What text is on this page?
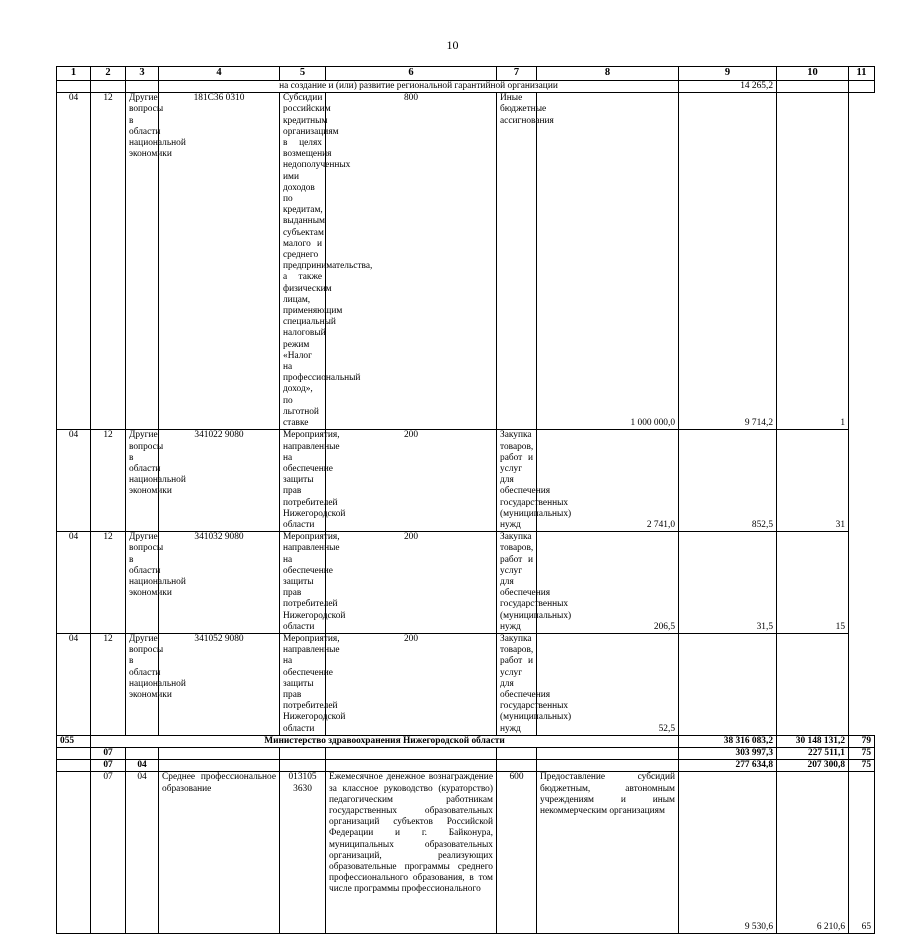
10
1	2	3	4	5	6	7	8	9	10	11
			на создание и (или) развитие региональной гарантийной организации					14 265,2		
04	12	Другие вопросы в области национальной экономики	181С36 0310	Субсидии российским кредитным организациям в целях возмещения недополученных ими доходов по кредитам, выданным субъектам малого и среднего предпринимательства, а также физическим лицам, применяющим специальный налоговый режим «Налог на профессиональный доход», по льготной ставке	800	Иные бюджетные ассигнования	1 000 000,0	9 714,2	1	
04	12	Другие вопросы в области национальной экономики	341022 9080	Мероприятия, направленные на обеспечение защиты прав потребителей Нижегородской области	200	Закупка товаров, работ и услуг для обеспечения государственных (муниципальных) нужд	2 741,0	852,5	31	
04	12	Другие вопросы в области национальной экономики	341032 9080	Мероприятия, направленные на обеспечение защиты прав потребителей Нижегородской области	200	Закупка товаров, работ и услуг для обеспечения государственных (муниципальных) нужд	206,5	31,5	15	
04	12	Другие вопросы в области национальной экономики	341052 9080	Мероприятия, направленные на обеспечение защиты прав потребителей Нижегородской области	200	Закупка товаров, работ и услуг для обеспечения государственных (муниципальных) нужд	52,5			
055	Министерство здравоохранения Нижегородской области							38 316 083,2	30 148 131,2	79
	07							303 997,3	227 511,1	75
	07	04						277 634,8	207 300,8	75
	07	04	Среднее профессиональное образование	013105 3630	Ежемесячное денежное вознаграждение за классное руководство (кураторство) педагогическим работникам государственных образовательных организаций субъектов Российской Федерации и г. Байконура, муниципальных образовательных организаций, реализующих образовательные программы среднего профессионального образования, в том числе программы профессионального	600	Предоставление субсидий бюджетным, автономным учреждениям и иным некоммерческим организациям	9 530,6	6 210,6	65
